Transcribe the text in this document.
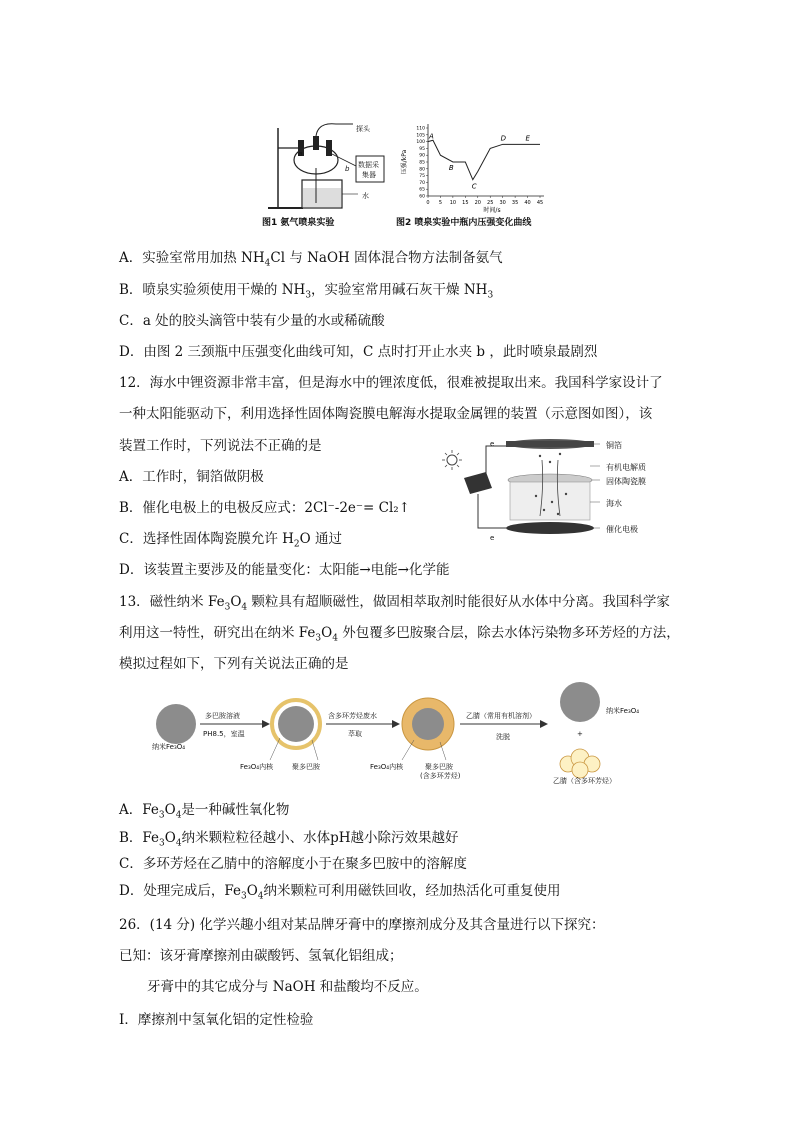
探头
a
b 数据采
集器
水
图1 氨气喷泉实验
0 5 10 15 20 25 30 35 40 45
60
65
70
75
80
85
90
95
100
105
110
A
B
C
D	E
压强/kPa
时间/s
图2 喷泉实验中瓶内压强变化曲线
A．实验室常用加热 $NH_4Cl$ 与 NaOH 固体混合物方法制备氨气
B．喷泉实验须使用干燥的 $NH_3$，实验室常用碱石灰干燥 $NH_3$
C．a 处的胶头滴管中装有少量的水或稀硫酸
D．由图 2 三颈瓶中压强变化曲线可知，C 点时打开止水夹 b ，此时喷泉最剧烈
12．海水中锂资源非常丰富，但是海水中的锂浓度低，很难被提取出来。我国科学家设计了
一种太阳能驱动下，利用选择性固体陶瓷膜电解海水提取金属锂的装置（示意图如图），该
装置工作时，下列说法不正确的是
A．工作时，铜箔做阴极
B．催化电极上的电极反应式：2Cl⁻-2e⁻= Cl₂↑
C．选择性固体陶瓷膜允许 $H_2O$ 通过
D．该装置主要涉及的能量变化：太阳能→电能→化学能
铜箔
有机电解质
固体陶瓷膜
海水
催化电极
e
e
13．磁性纳米 $Fe_3O_4$ 颗粒具有超顺磁性，做固相萃取剂时能很好从水体中分离。我国科学家
利用这一特性，研究出在纳米 $Fe_3O_4$ 外包覆多巴胺聚合层，除去水体污染物多环芳烃的方法，
模拟过程如下，下列有关说法正确的是
纳米Fe₃O₄
多巴胺溶液
PH8.5，室温
Fe₃O₄内核	聚多巴胺
含多环芳烃废水
萃取
Fe₃O₄内核	聚多巴胺
(含多环芳烃)
乙腈（常用有机溶剂）
洗脱
纳米Fe₃O₄
+
乙腈（含多环芳烃）
A．$Fe_3O_4$是一种碱性氧化物
B．$Fe_3O_4$纳米颗粒粒径越小、水体pH越小除污效果越好
C．多环芳烃在乙腈中的溶解度小于在聚多巴胺中的溶解度
D．处理完成后，$Fe_3O_4$纳米颗粒可利用磁铁回收，经加热活化可重复使用
26．(14 分) 化学兴趣小组对某品牌牙膏中的摩擦剂成分及其含量进行以下探究：
已知：该牙膏摩擦剂由碳酸钙、氢氧化铝组成；
牙膏中的其它成分与 NaOH 和盐酸均不反应。
I．摩擦剂中氢氧化铝的定性检验
